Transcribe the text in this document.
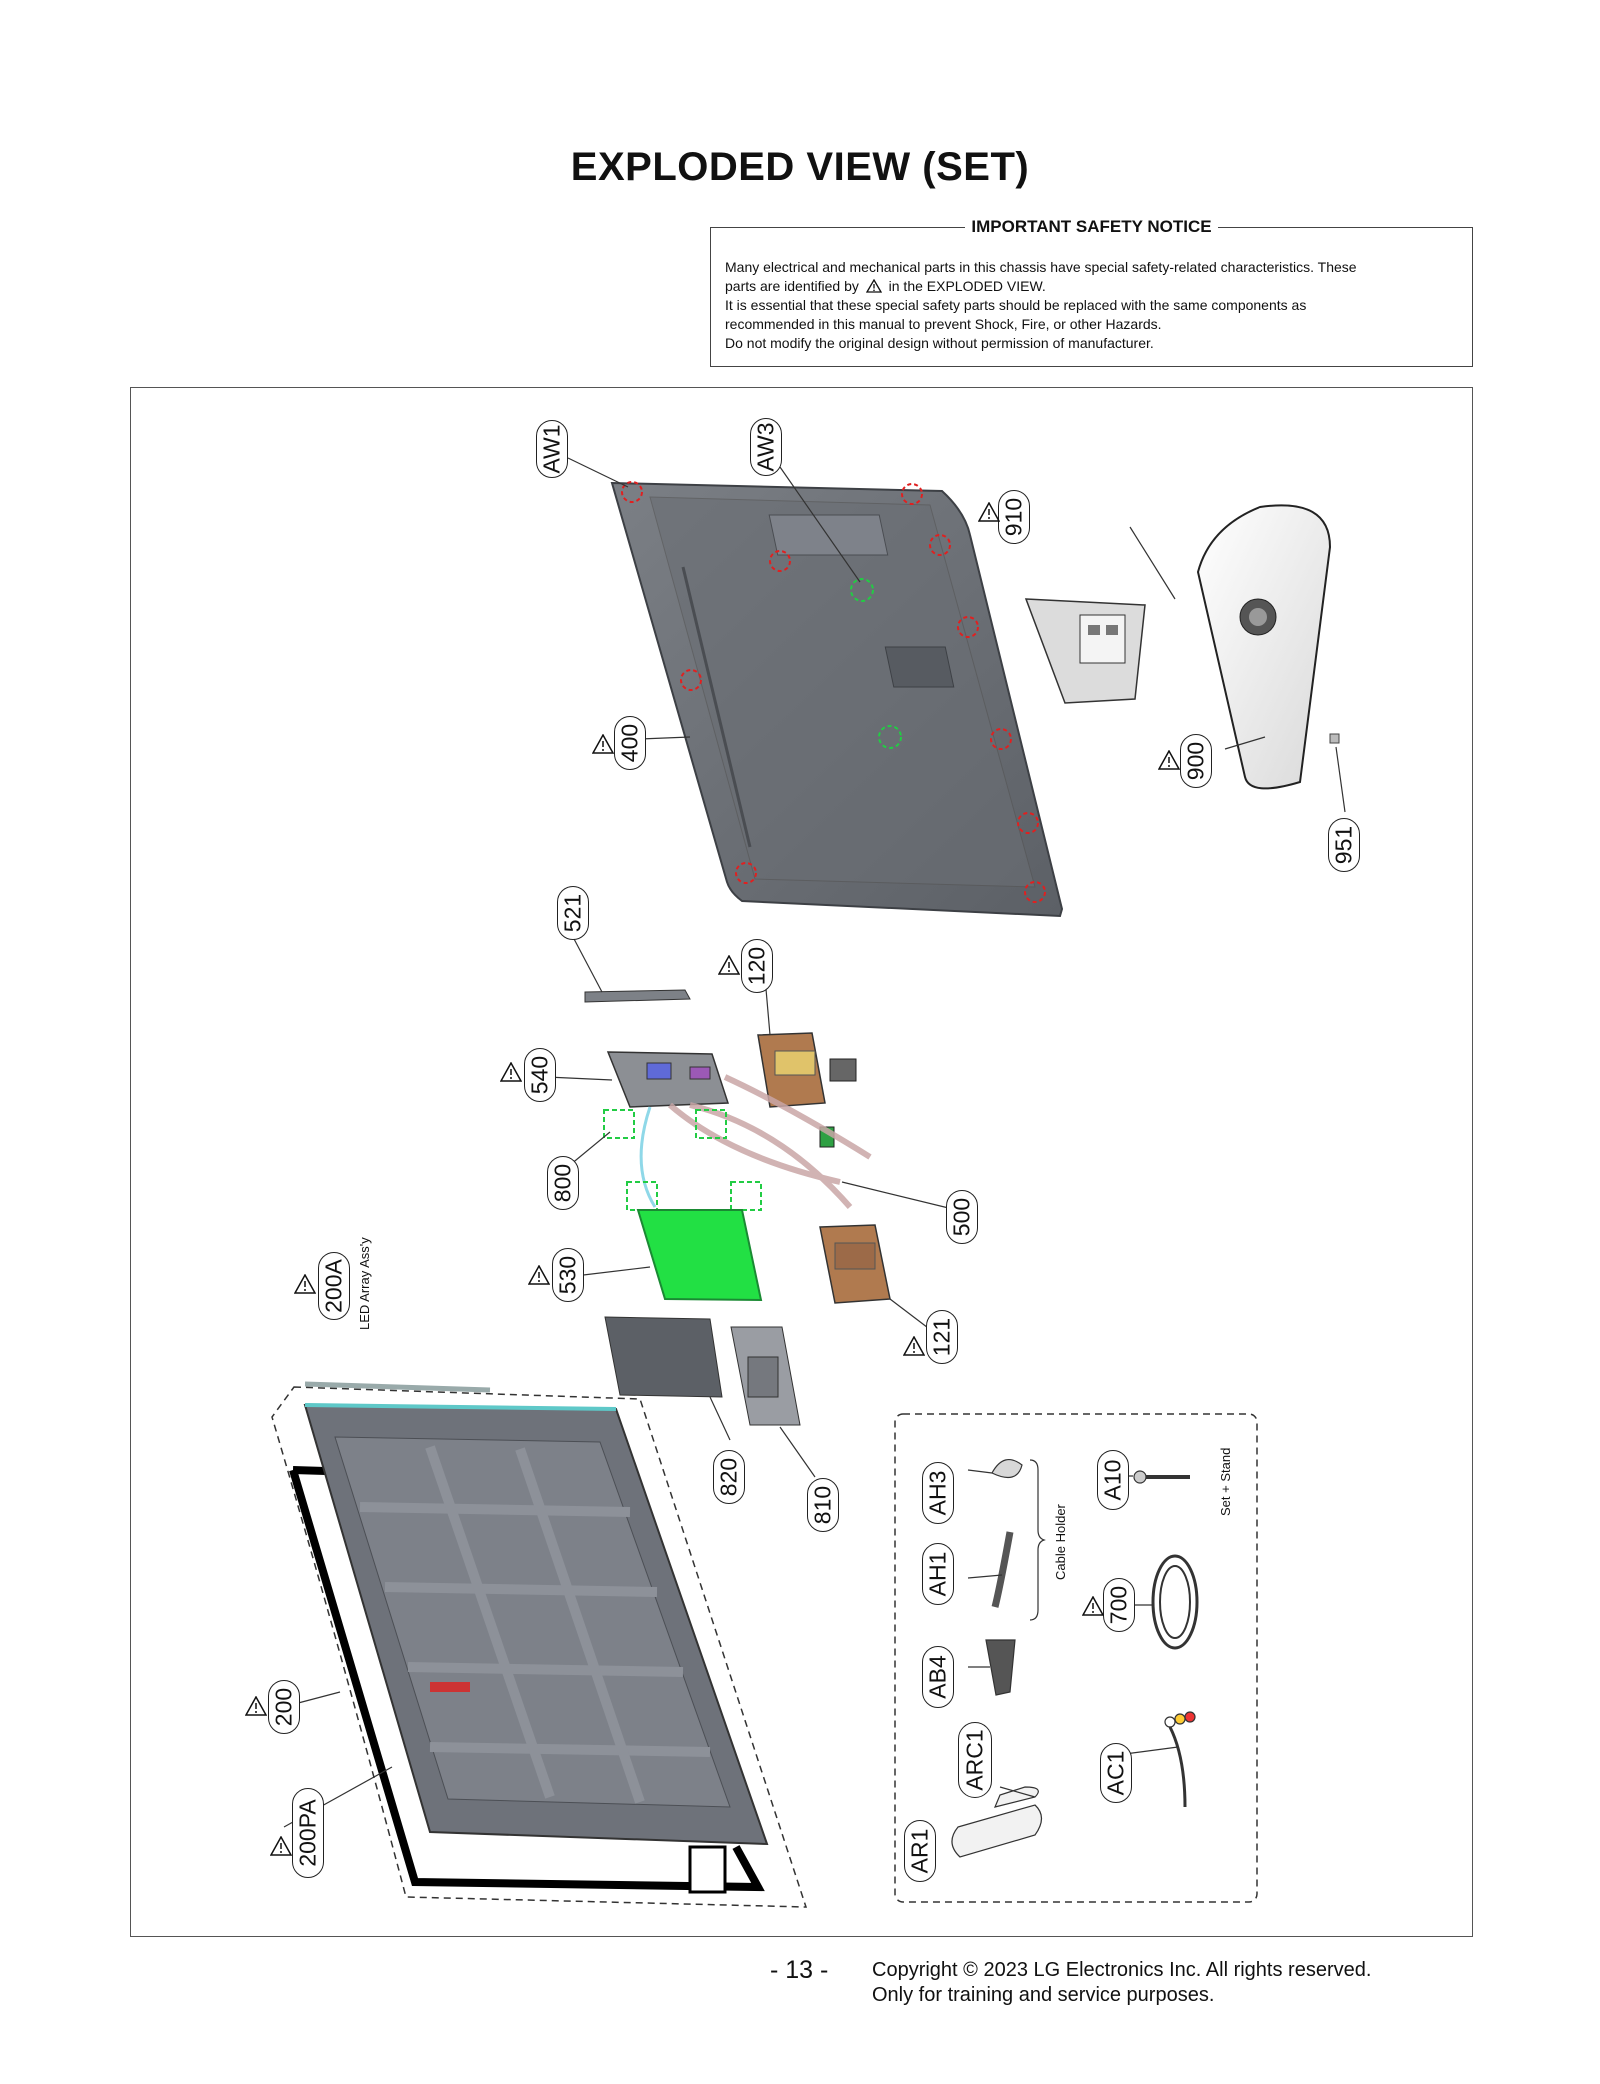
EXPLODED VIEW (SET)
IMPORTANT SAFETY NOTICE
Many electrical and mechanical parts in this chassis have special safety-related characteristics. These
parts are identified by in the EXPLODED VIEW.
It is essential that these special safety parts should be replaced with the same components as
recommended in this manual to prevent Shock, Fire, or other Hazards.
Do not modify the original design without permission of manufacturer.
AW1	AW3
910
400	900
951
521
120
540
800
500
530
121
200A
820
810
200
200PA
AH3
AH1
AB4
ARC1
AR1
A10
700
AC1
LED Array Ass'y
Cable Holder
Set + Stand
- 13 - Copyright © 2023 LG Electronics Inc. All rights reserved.
Only for training and service purposes.
